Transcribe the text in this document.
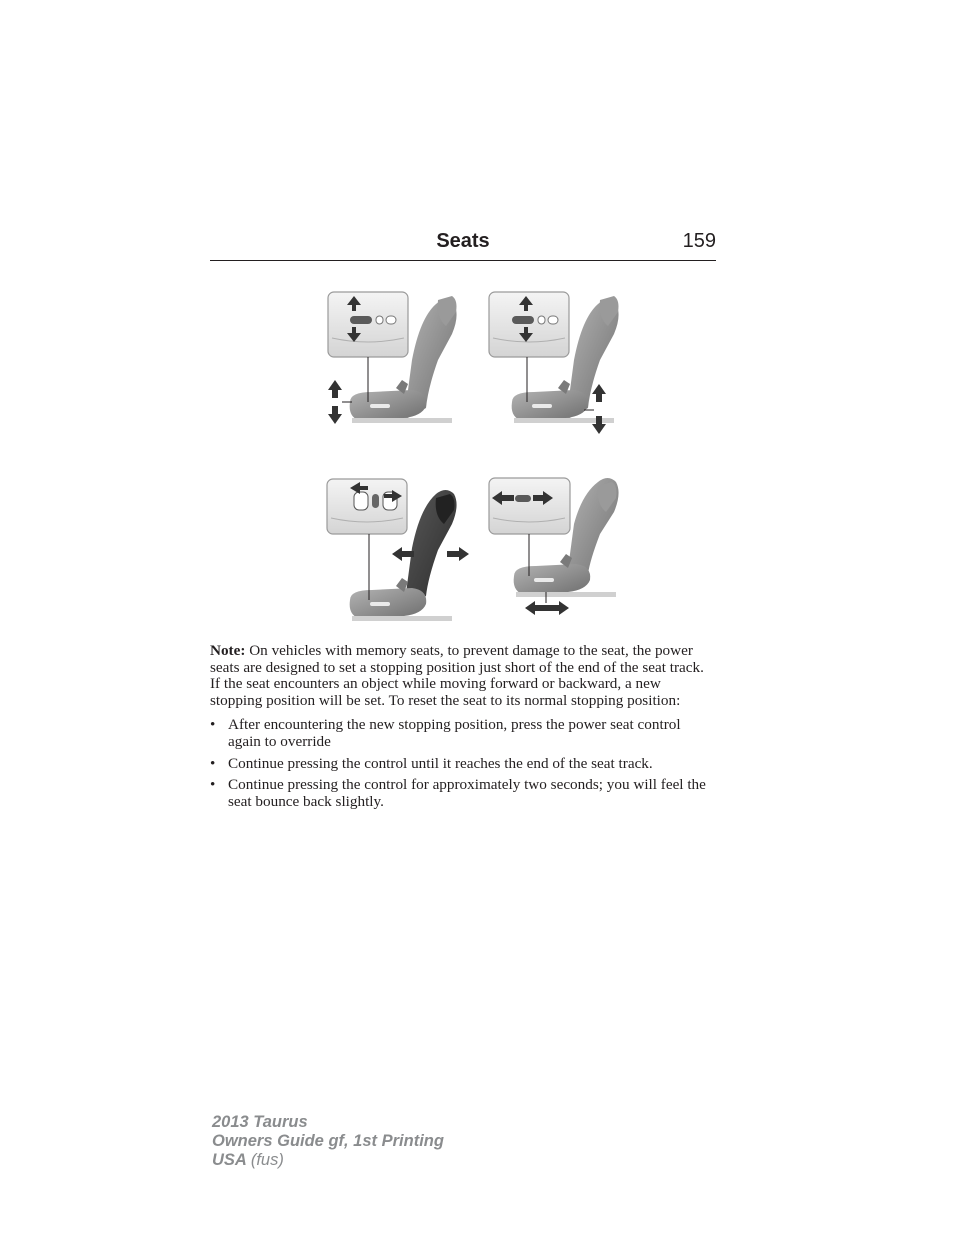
Seats	159

Note: On vehicles with memory seats, to prevent damage to the seat, the power seats are designed to set a stopping position just short of the end of the seat track. If the seat encounters an object while moving forward or backward, a new stopping position will be set. To reset the seat to its normal stopping position:

• After encountering the new stopping position, press the power seat control again to override
• Continue pressing the control until it reaches the end of the seat track.
• Continue pressing the control for approximately two seconds; you will feel the seat bounce back slightly.
2013 Taurus
Owners Guide gf, 1st Printing
USA (fus)
